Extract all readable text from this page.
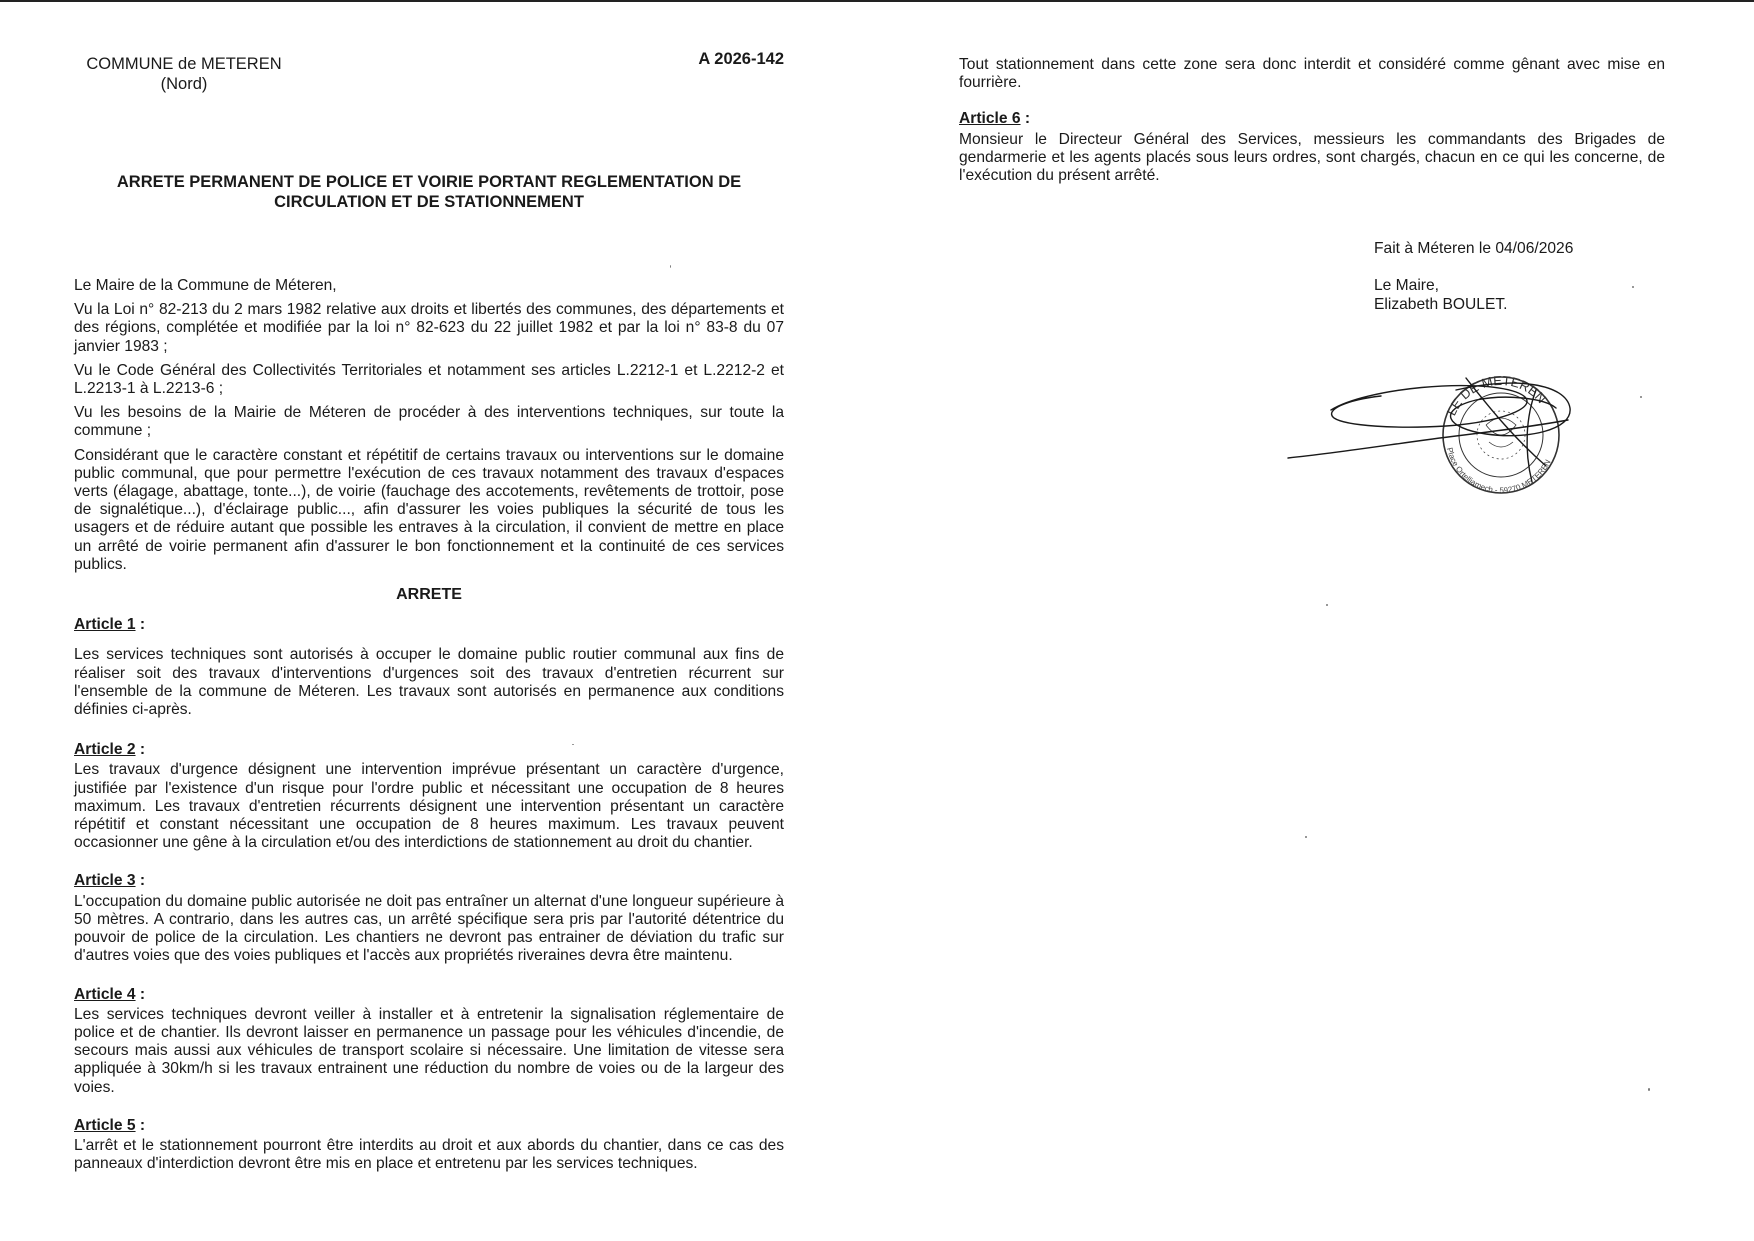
COMMUNE de METEREN
(Nord)
A 2026-142
ARRETE PERMANENT DE POLICE ET VOIRIE PORTANT REGLEMENTATION DE
CIRCULATION ET DE STATIONNEMENT

Le Maire de la Commune de Méteren,

Vu la Loi n° 82-213 du 2 mars 1982 relative aux droits et libertés des communes, des départements et des régions, complétée et modifiée par la loi n° 82-623 du 22 juillet 1982 et par la loi n° 83-8 du 07 janvier 1983 ;

Vu le Code Général des Collectivités Territoriales et notamment ses articles L.2212-1 et L.2212-2 et L.2213-1 à L.2213-6 ;

Vu les besoins de la Mairie de Méteren de procéder à des interventions techniques, sur toute la commune ;

Considérant que le caractère constant et répétitif de certains travaux ou interventions sur le domaine public communal, que pour permettre l'exécution de ces travaux notamment des travaux d'espaces verts (élagage, abattage, tonte...), de voirie (fauchage des accotements, revêtements de trottoir, pose de signalétique...), d'éclairage public..., afin d'assurer les voies publiques la sécurité de tous les usagers et de réduire autant que possible les entraves à la circulation, il convient de mettre en place un arrêté de voirie permanent afin d'assurer le bon fonctionnement et la continuité de ces services publics.

ARRETE
Article 1 :

Les services techniques sont autorisés à occuper le domaine public routier communal aux fins de réaliser soit des travaux d'interventions d'urgences soit des travaux d'entretien récurrent sur l'ensemble de la commune de Méteren. Les travaux sont autorisés en permanence aux conditions définies ci-après.

Article 2 :

Les travaux d'urgence désignent une intervention imprévue présentant un caractère d'urgence, justifiée par l'existence d'un risque pour l'ordre public et nécessitant une occupation de 8 heures maximum. Les travaux d'entretien récurrents désignent une intervention présentant un caractère répétitif et constant nécessitant une occupation de 8 heures maximum. Les travaux peuvent occasionner une gêne à la circulation et/ou des interdictions de stationnement au droit du chantier.

Article 3 :

L'occupation du domaine public autorisée ne doit pas entraîner un alternat d'une longueur supérieure à 50 mètres. A contrario, dans les autres cas, un arrêté spécifique sera pris par l'autorité détentrice du pouvoir de police de la circulation. Les chantiers ne devront pas entrainer de déviation du trafic sur d'autres voies que des voies publiques et l'accès aux propriétés riveraines devra être maintenu.

Article 4 :

Les services techniques devront veiller à installer et à entretenir la signalisation réglementaire de police et de chantier. Ils devront laisser en permanence un passage pour les véhicules d'incendie, de secours mais aussi aux véhicules de transport scolaire si nécessaire. Une limitation de vitesse sera appliquée à 30km/h si les travaux entrainent une réduction du nombre de voies ou de la largeur des voies.

Article 5 :

L'arrêt et le stationnement pourront être interdits au droit et aux abords du chantier, dans ce cas des panneaux d'interdiction devront être mis en place et entretenu par les services techniques.

Tout stationnement dans cette zone sera donc interdit et considéré comme gênant avec mise en fourrière.

Article 6 :

Monsieur le Directeur Général des Services, messieurs les commandants des Brigades de gendarmerie et les agents placés sous leurs ordres, sont chargés, chacun en ce qui les concerne, de l'exécution du présent arrêté.

Fait à Méteren le 04/06/2026
Le Maire,
Elizabeth BOULET.
LE DE METEREN
Place Ortelliamech - 59270 METEREN
